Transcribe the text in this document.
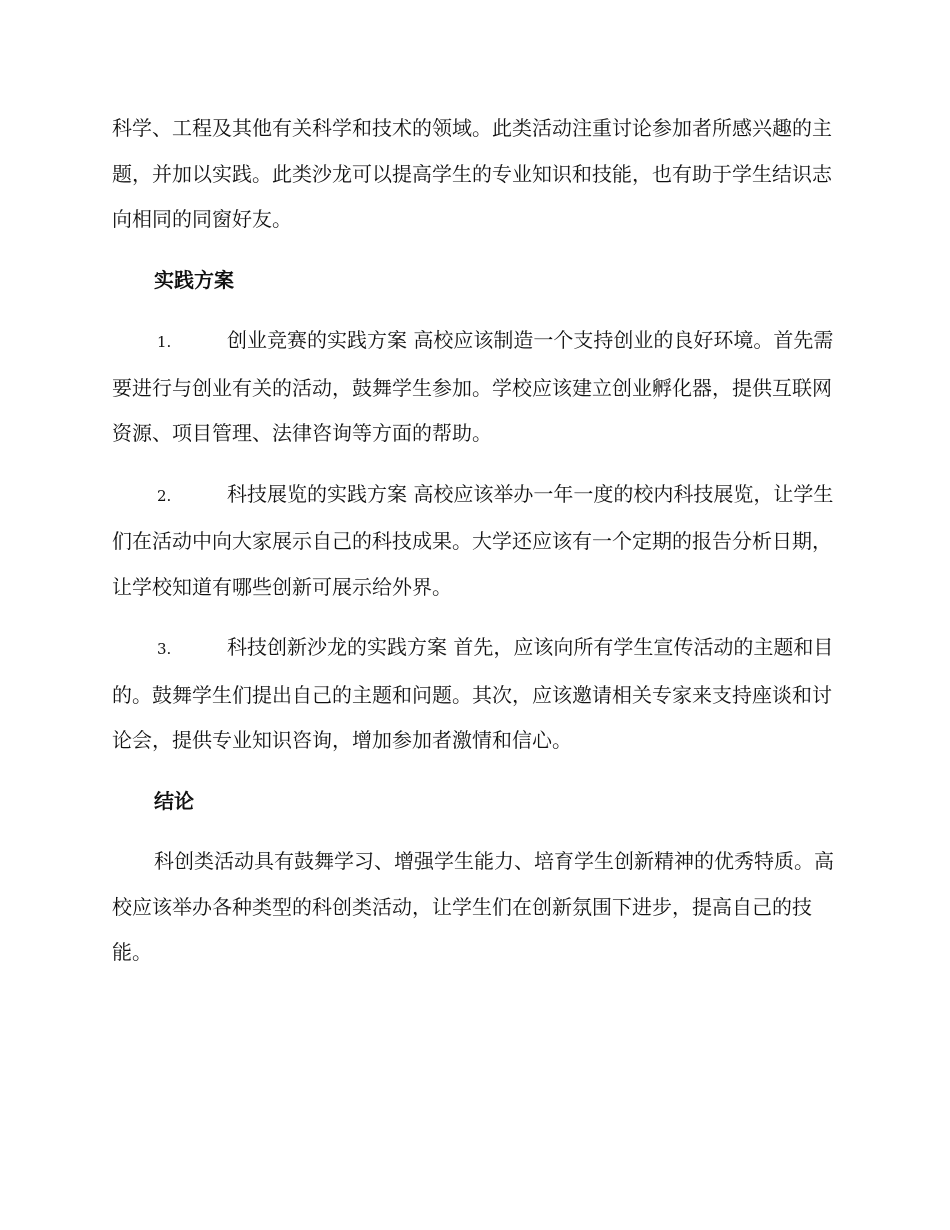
科学、工程及其他有关科学和技术的领域。此类活动注重讨论参加者所感兴趣的主题，并加以实践。此类沙龙可以提高学生的专业知识和技能，也有助于学生结识志向相同的同窗好友。

实践方案

1.	创业竞赛的实践方案 高校应该制造一个支持创业的良好环境。首先需要进行与创业有关的活动，鼓舞学生参加。学校应该建立创业孵化器，提供互联网资源、项目管理、法律咨询等方面的帮助。

2.	科技展览的实践方案 高校应该举办一年一度的校内科技展览，让学生们在活动中向大家展示自己的科技成果。大学还应该有一个定期的报告分析日期，让学校知道有哪些创新可展示给外界。

3.	科技创新沙龙的实践方案 首先，应该向所有学生宣传活动的主题和目的。鼓舞学生们提出自己的主题和问题。其次，应该邀请相关专家来支持座谈和讨论会，提供专业知识咨询，增加参加者激情和信心。

结论

科创类活动具有鼓舞学习、增强学生能力、培育学生创新精神的优秀特质。高校应该举办各种类型的科创类活动，让学生们在创新氛围下进步，提高自己的技能。
